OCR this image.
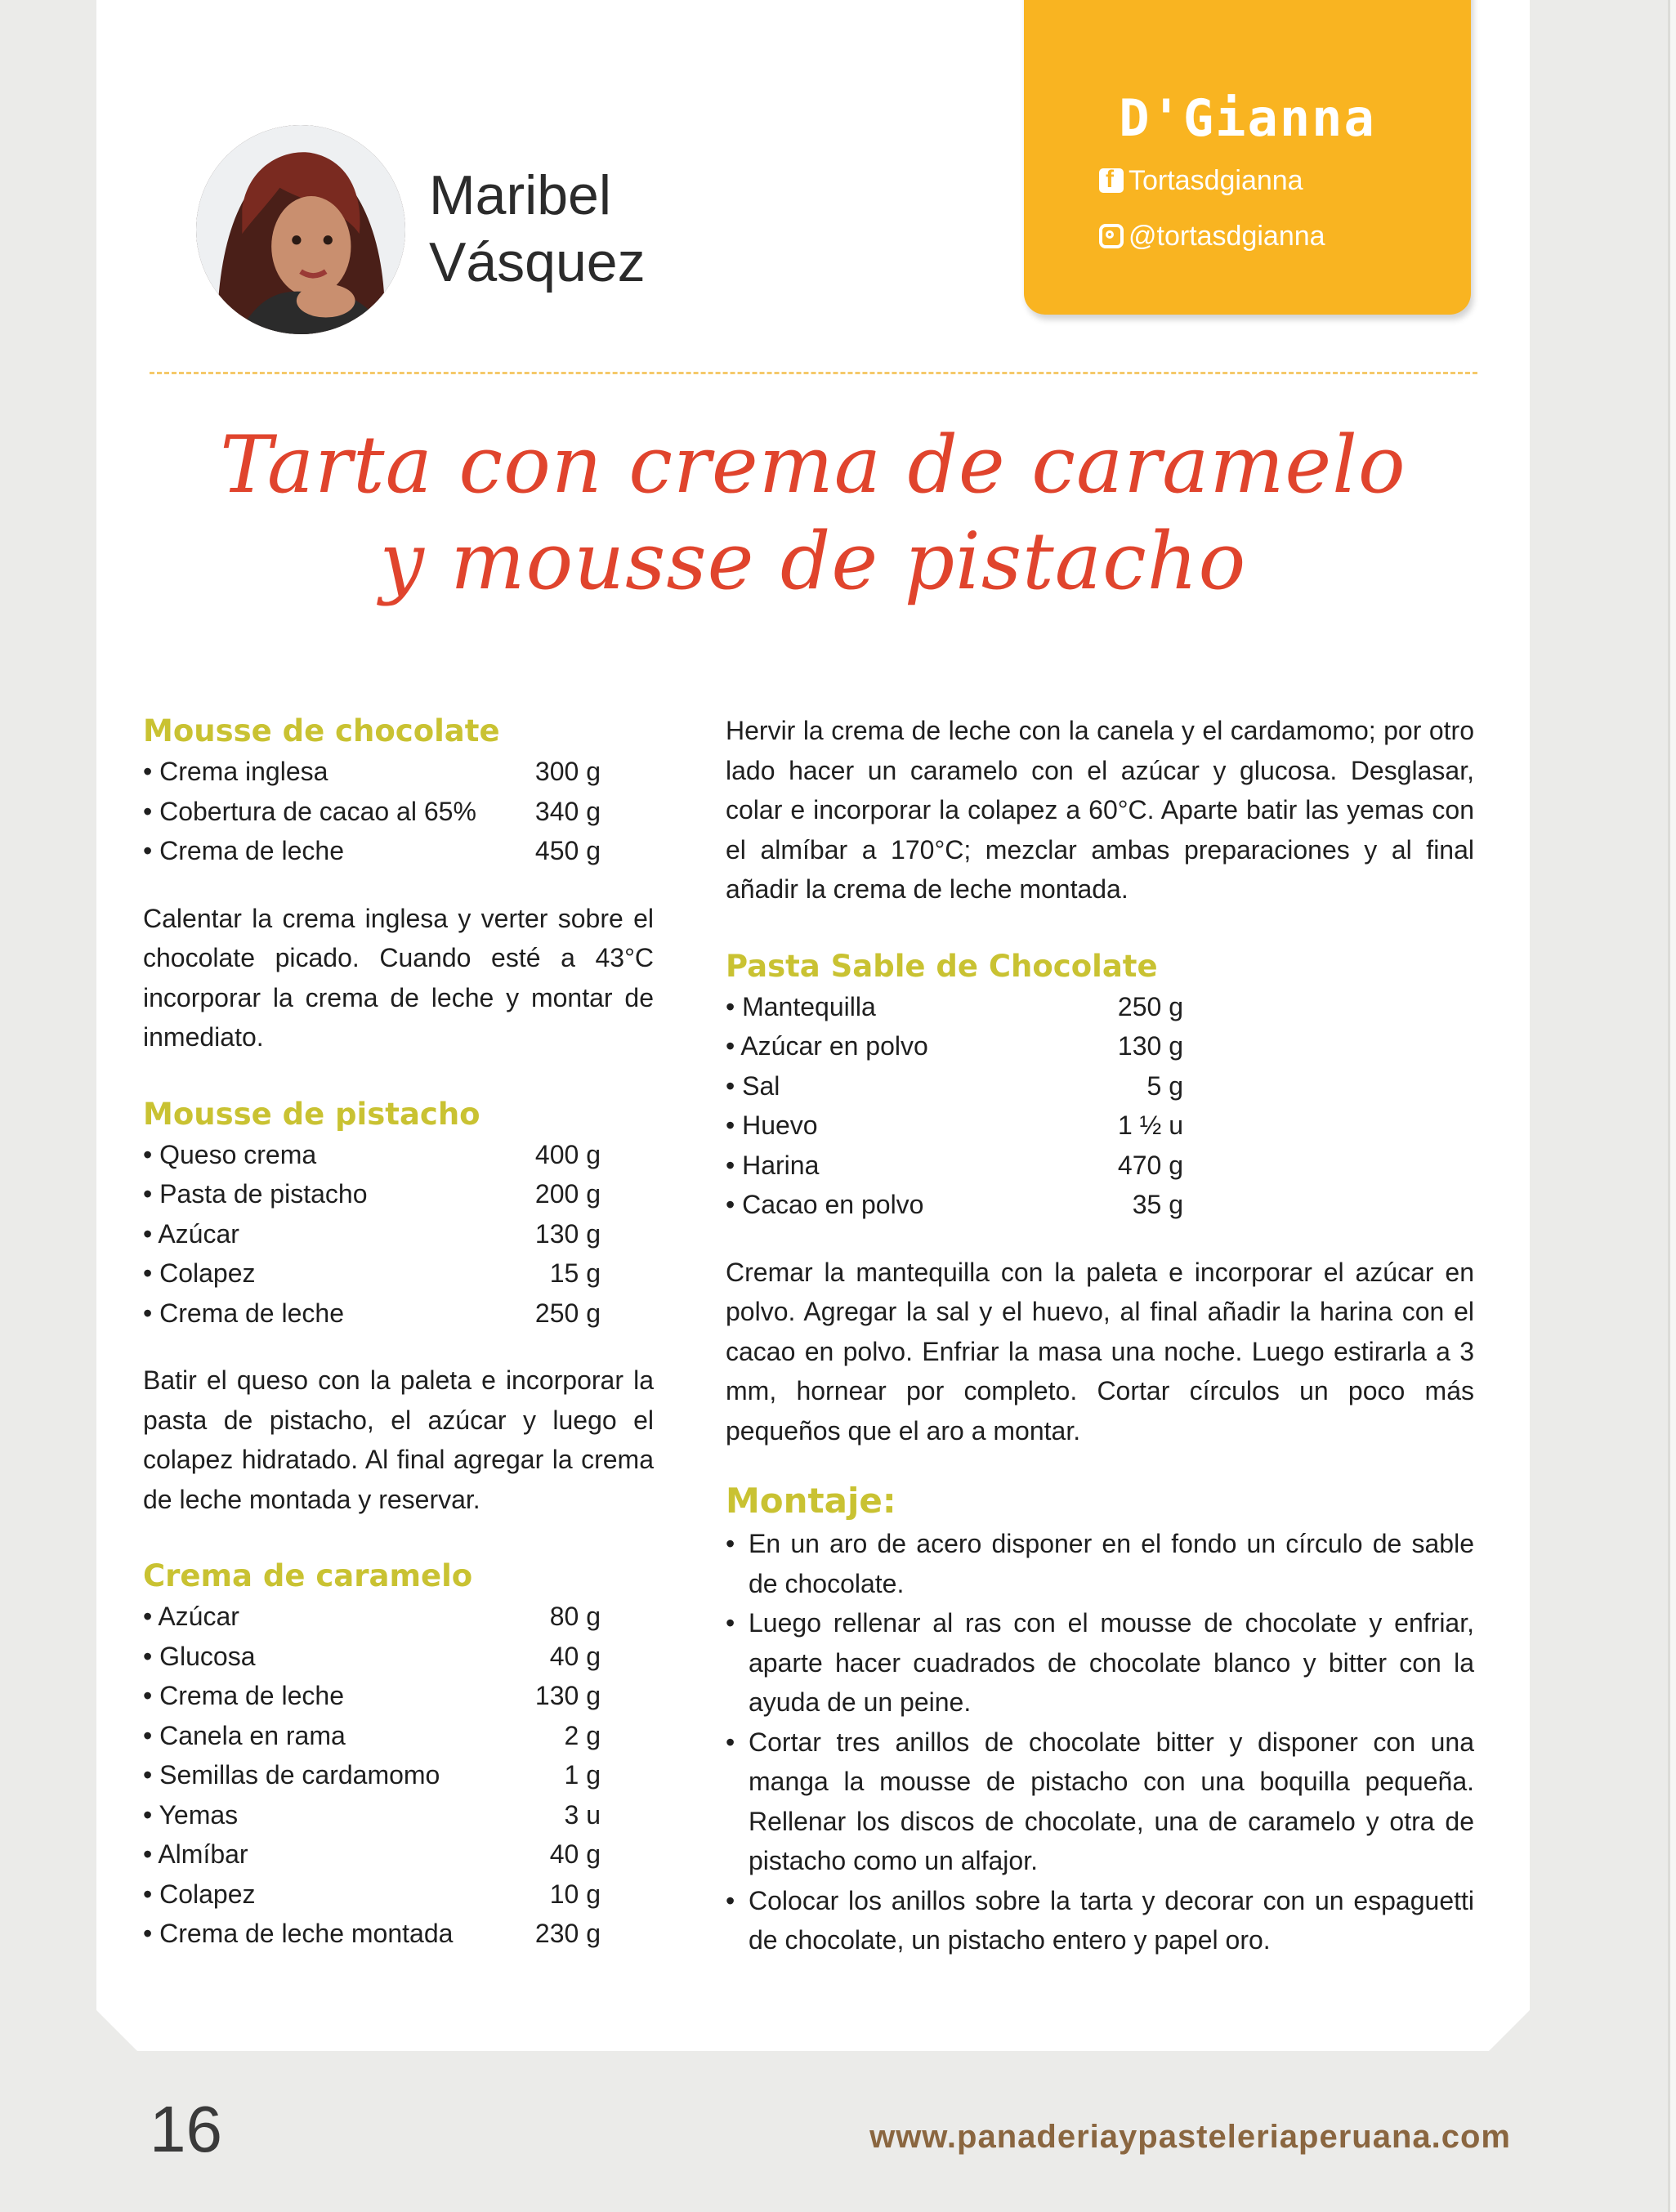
Maribel
Vásquez
D'Gianna
fTortasdgianna
@tortasdgianna
Tarta con crema de caramelo
y mousse de pistacho
Mousse de chocolate
• Crema inglesa	300 g
• Cobertura de cacao al 65% 340 g
• Crema de leche	450 g

Calentar la crema inglesa y verter sobre el chocolate picado. Cuando esté a 43°C incorporar la crema de leche y montar de inmediato.

Mousse de pistacho
• Queso crema	400 g
• Pasta de pistacho	200 g
• Azúcar	130 g
• Colapez	15 g
• Crema de leche	250 g

Batir el queso con la paleta e incorporar la pasta de pistacho, el azúcar y luego el colapez hidratado. Al final agregar la crema de leche montada y reservar.

Crema de caramelo
• Azúcar	80 g
• Glucosa	40 g
• Crema de leche	130 g
• Canela en rama	2 g
• Semillas de cardamomo	1 g
• Yemas	3 u
• Almíbar	40 g
• Colapez	10 g
• Crema de leche montada	230 g

Hervir la crema de leche con la canela y el cardamomo; por otro lado hacer un caramelo con el azúcar y glucosa. Desglasar, colar e incorporar la colapez a 60°C. Aparte batir las yemas con el almíbar a 170°C; mezclar ambas preparaciones y al final añadir la crema de leche montada.

Pasta Sable de Chocolate
• Mantequilla	250 g
• Azúcar en polvo	130 g
• Sal	5 g
• Huevo	1 ½ u
• Harina	470 g
• Cacao en polvo	35 g

Cremar la mantequilla con la paleta e incorporar el azúcar en polvo. Agregar la sal y el huevo, al final añadir la harina con el cacao en polvo. Enfriar la masa una noche. Luego estirarla a 3 mm, hornear por completo. Cortar círculos un poco más pequeños que el aro a montar.

Montaje:
• En un aro de acero disponer en el fondo un círculo de sable de chocolate.
• Luego rellenar al ras con el mousse de chocolate y enfriar, aparte hacer cuadrados de chocolate blanco y bitter con la ayuda de un peine.
• Cortar tres anillos de chocolate bitter y disponer con una manga la mousse de pistacho con una boquilla pequeña. Rellenar los discos de chocolate, una de caramelo y otra de pistacho como un alfajor.
• Colocar los anillos sobre la tarta y decorar con un espaguetti de chocolate, un pistacho entero y papel oro.
16	www.panaderiaypasteleriaperuana.com
